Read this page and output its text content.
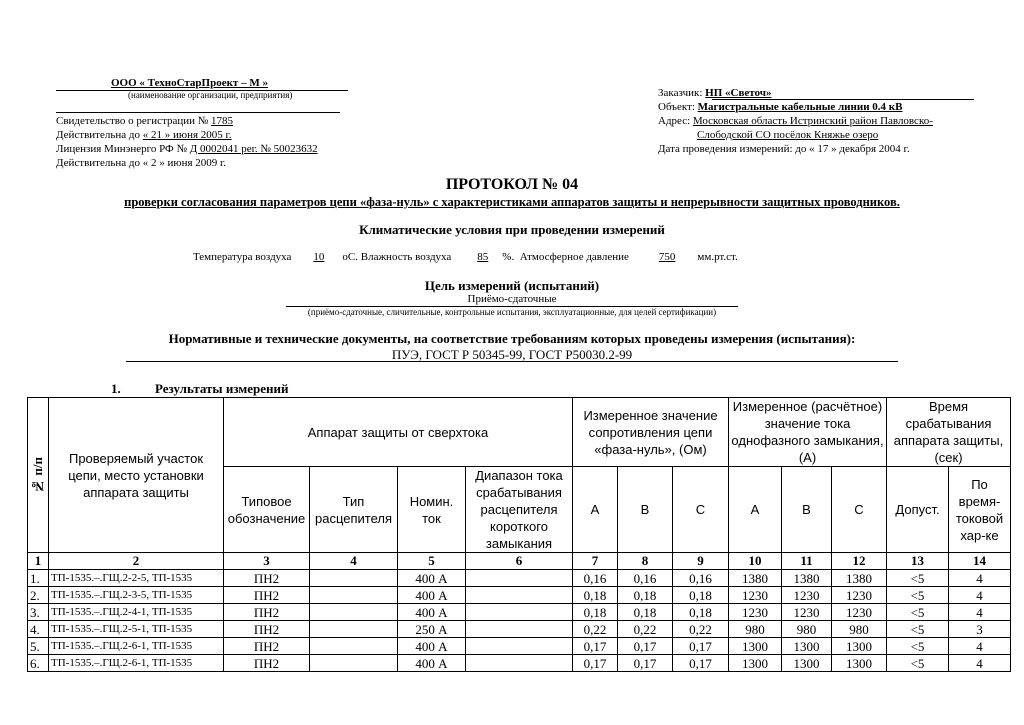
ООО « ТехноСтарПроект – М »
(наименование организации, предприятия)
Свидетельство о регистрации № 1785
Действительна до « 21 » июня 2005 г.
Лицензия Минэнерго РФ № Д 0002041 рег. № 50023632
Действительна до « 2 » июня 2009 г.
Заказчик: НП «Светоч»
Объект: Магистральные кабельные линии 0.4 кВ
Адрес: Московская область Истринский район Павловско-
Слободской СО посёлок Княжье озеро
Дата проведения измерений: до « 17 » декабря 2004 г.
ПРОТОКОЛ № 04
проверки согласования параметров цепи «фаза-нуль» с характеристиками аппаратов защиты и непрерывности защитных проводников.
Климатические условия при проведении измерений
Температура воздуха 10 оС. Влажность воздуха 85 %. Атмосферное давление	750 мм.рт.ст.
Цель измерений (испытаний)
Приёмо-сдаточные
(приёмо-сдаточные, сличительные, контрольные испытания, эксплуатационные, для целей сертификации)
Нормативные и технические документы, на соответствие требованиям которых проведены измерения (испытания):
ПУЭ, ГОСТ Р 50345-99, ГОСТ Р50030.2-99
1.	Результаты измерений
№ п/п	Проверяемый участок цепи, место установки аппарата защиты	Аппарат защиты от сверхтока				Измеренное значение сопротивления цепи «фаза-нуль», (Ом)			Измеренное (расчётное) значение тока однофазного замыкания, (А)			Время срабатывания аппарата защиты, (сек)	
		Типовое обозначение	Тип расцепителя	Номин. ток	Диапазон тока срабатывания расцепителя короткого замыкания	А	В	С	А	В	С	Допуст.	По время-токовой хар-ке
1	2	3	4	5	6	7	8	9	10	11	12	13	14
1.	ТП-1535.–.ГЩ.2-2-5, ТП-1535	ПН2		400 А		0,16	0,16	0,16	1380	1380	1380	<5	4
2.	ТП-1535.–.ГЩ.2-3-5, ТП-1535	ПН2		400 А		0,18	0,18	0,18	1230	1230	1230	<5	4
3.	ТП-1535.–.ГЩ.2-4-1, ТП-1535	ПН2		400 А		0,18	0,18	0,18	1230	1230	1230	<5	4
4.	ТП-1535.–.ГЩ.2-5-1, ТП-1535	ПН2		250 А		0,22	0,22	0,22	980	980	980	<5	3
5.	ТП-1535.–.ГЩ.2-6-1, ТП-1535	ПН2		400 А		0,17	0,17	0,17	1300	1300	1300	<5	4
6.	ТП-1535.–.ГЩ.2-6-1, ТП-1535	ПН2		400 А		0,17	0,17	0,17	1300	1300	1300	<5	4
